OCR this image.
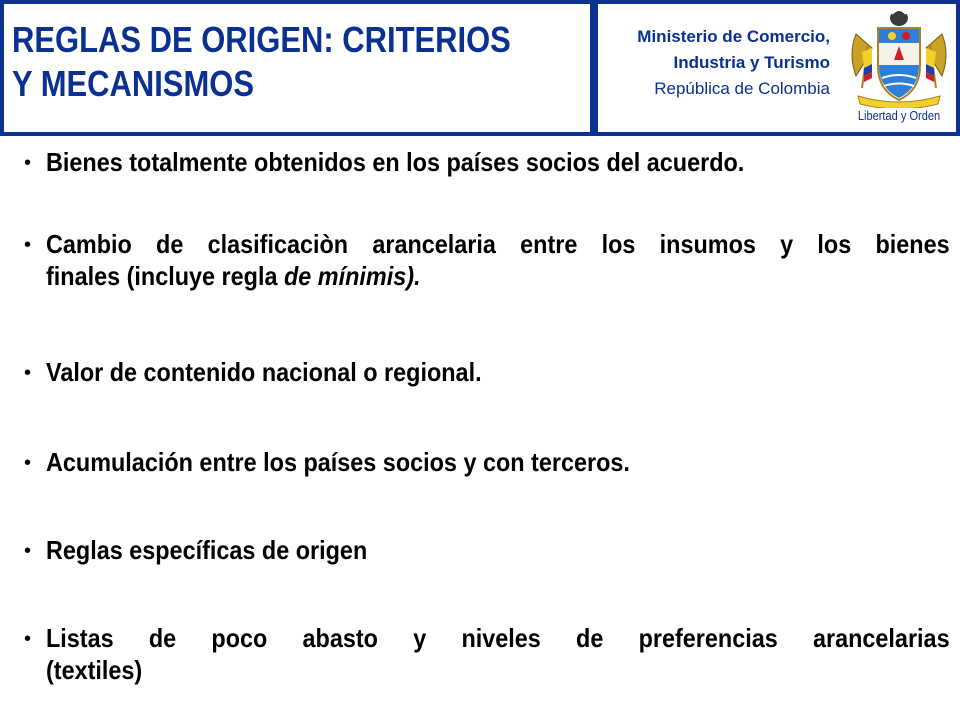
REGLAS DE ORIGEN: CRITERIOS
Y MECANISMOS
Ministerio de Comercio,
Industria y Turismo
República de Colombia
Libertad y Orden
• Bienes totalmente obtenidos en los países socios del acuerdo.
• Cambio de clasificaciòn arancelaria entre los insumos y los bienes
finales (incluye regla de mínimis).
• Valor de contenido nacional o regional.
• Acumulación entre los países socios y con terceros.
• Reglas específicas de origen
• Listas de poco abasto y niveles de preferencias arancelarias
(textiles)
